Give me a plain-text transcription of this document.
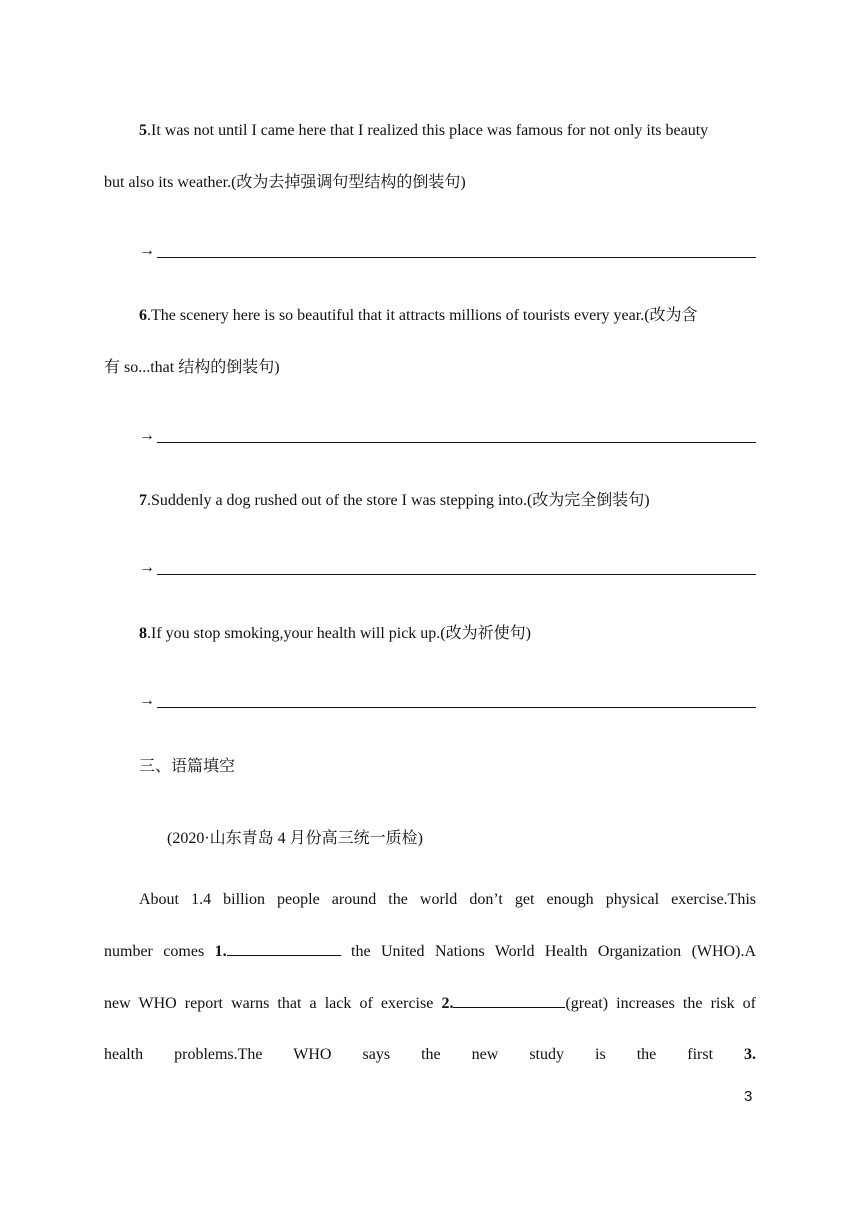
5.It was not until I came here that I realized this place was famous for not only its beauty
but also its weather.(改为去掉强调句型结构的倒装句)
→
6.The scenery here is so beautiful that it attracts millions of tourists every year.(改为含
有 so...that 结构的倒装句)
→
7.Suddenly a dog rushed out of the store I was stepping into.(改为完全倒装句)
→
8.If you stop smoking,your health will pick up.(改为祈使句)
→
三、语篇填空
(2020·山东青岛 4 月份高三统一质检)
About 1.4 billion people around the world don’t get enough physical exercise.This
number comes 1.	the United Nations World Health Organization (WHO).A
new WHO report warns that a lack of exercise 2.	(great) increases the risk of
health problems.The WHO says the new study is the first 3.
3
